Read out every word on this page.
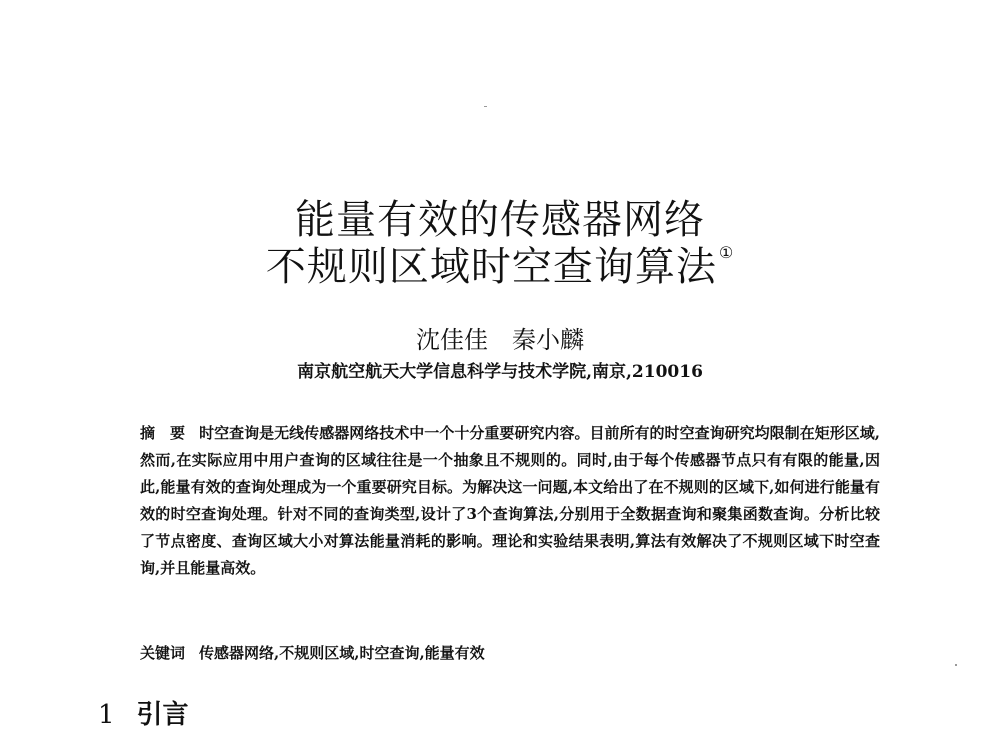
能量有效的传感器网络
不规则区域时空查询算法 ①
沈佳佳　秦小麟
南京航空航天大学信息科学与技术学院,南京,210016
摘　要 时空查询是无线传感器网络技术中一个十分重要研究内容。目前所有的时空查询研究均限制在矩形区域,然而,在实际应用中用户查询的区域往往是一个抽象且不规则的。同时,由于每个传感器节点只有有限的能量,因此,能量有效的查询处理成为一个重要研究目标。为解决这一问题,本文给出了在不规则的区域下,如何进行能量有效的时空查询处理。针对不同的查询类型,设计了3个查询算法,分别用于全数据查询和聚集函数查询。分析比较了节点密度、查询区域大小对算法能量消耗的影响。理论和实验结果表明,算法有效解决了不规则区域下时空查询,并且能量高效。
关键词 传感器网络,不规则区域,时空查询,能量有效
1 引言
